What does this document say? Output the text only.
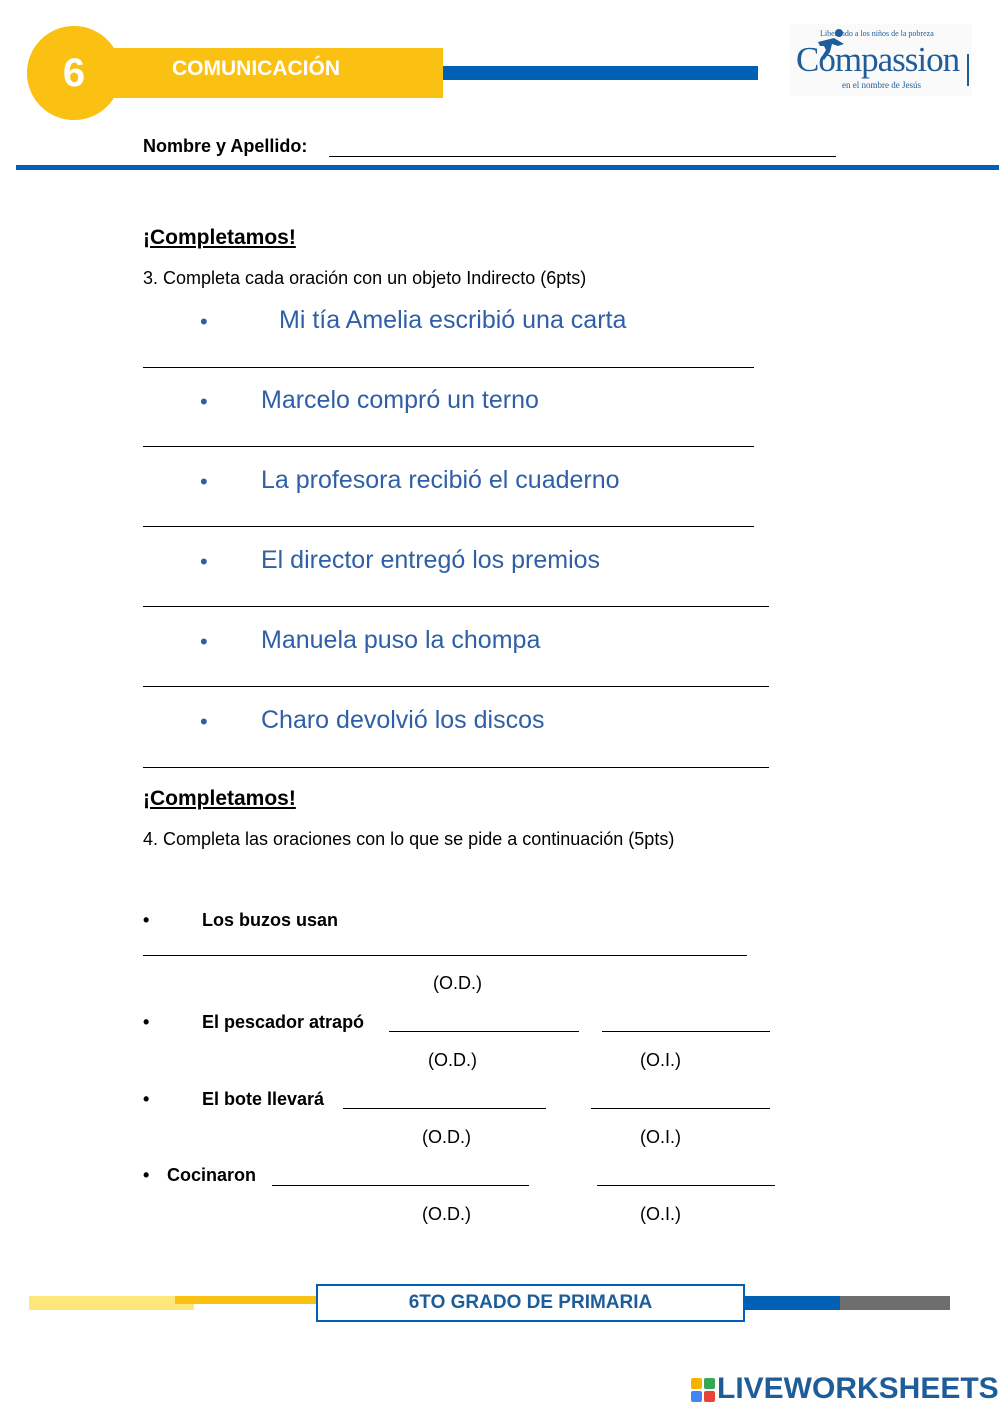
6	COMUNICACIÓN
Liberando a los niños de la pobreza
Compassion
en el nombre de Jesús
Nombre y Apellido:
¡Completamos!
3. Completa cada oración con un objeto Indirecto (6pts)
•	Mi tía Amelia escribió una carta
• Marcelo compró un terno
• La profesora recibió el cuaderno
• El director entregó los premios
• Manuela puso la chompa
• Charo devolvió los discos
¡Completamos!
4. Completa las oraciones con lo que se pide a continuación (5pts)
•	Los buzos usan
(O.D.)
•	El pescador atrapó
(O.D.)	(O.I.)
•	El bote llevará
(O.D.)	(O.I.)
• Cocinaron
(O.D.)	(O.I.)
6TO GRADO DE PRIMARIA
LIVEWORKSHEETS
